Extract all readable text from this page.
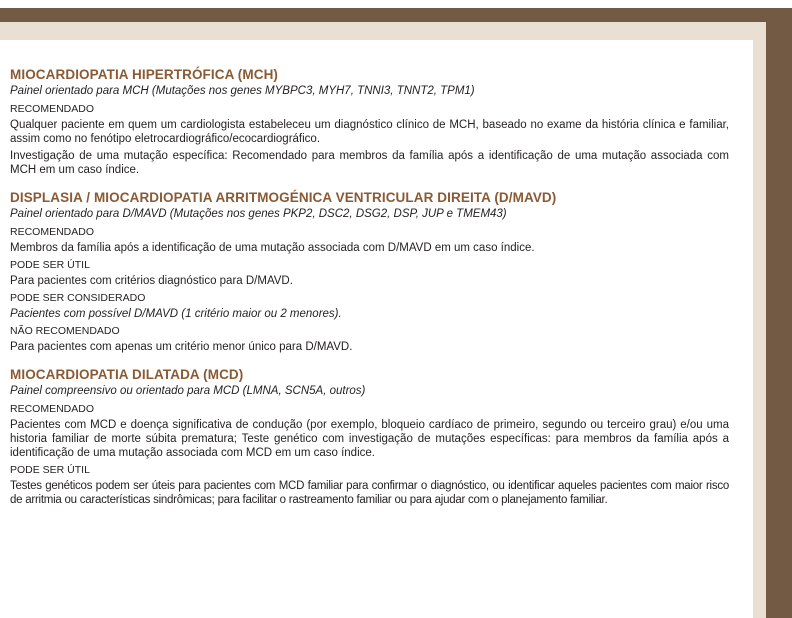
MIOCARDIOPATIA HIPERTRÓFICA (MCH)
Painel orientado para MCH (Mutações nos genes MYBPC3, MYH7, TNNI3, TNNT2, TPM1)
RECOMENDADO

Qualquer paciente em quem um cardiologista estabeleceu um diagnóstico clínico de MCH, baseado no exame da história clínica e familiar, assim como no fenótipo eletrocardiográfico/ecocardiográfico.

Investigação de uma mutação específica: Recomendado para membros da família após a identificação de uma mutação associada com MCH em um caso índice.

DISPLASIA / MIOCARDIOPATIA ARRITMOGÉNICA VENTRICULAR DIREITA (D/MAVD)
Painel orientado para D/MAVD (Mutações nos genes PKP2, DSC2, DSG2, DSP, JUP e TMEM43)
RECOMENDADO

Membros da família após a identificação de uma mutação associada com D/MAVD em um caso índice.

PODE SER ÚTIL

Para pacientes com critérios diagnóstico para D/MAVD.

PODE SER CONSIDERADO

Pacientes com possível D/MAVD (1 critério maior ou 2 menores).

NÃO RECOMENDADO

Para pacientes com apenas um critério menor único para D/MAVD.

MIOCARDIOPATIA DILATADA (MCD)
Painel compreensivo ou orientado para MCD (LMNA, SCN5A, outros)
RECOMENDADO

Pacientes com MCD e doença significativa de condução (por exemplo, bloqueio cardíaco de primeiro, segundo ou terceiro grau) e/ou uma historia familiar de morte súbita prematura; Teste genético com investigação de mutações específicas: para membros da família após a identificação de uma mutação associada com MCD em um caso índice.

PODE SER ÚTIL

Testes genéticos podem ser úteis para pacientes com MCD familiar para confirmar o diagnóstico, ou identificar aqueles pacientes com maior risco de arritmia ou características sindrômicas; para facilitar o rastreamento familiar ou para ajudar com o planejamento familiar.
